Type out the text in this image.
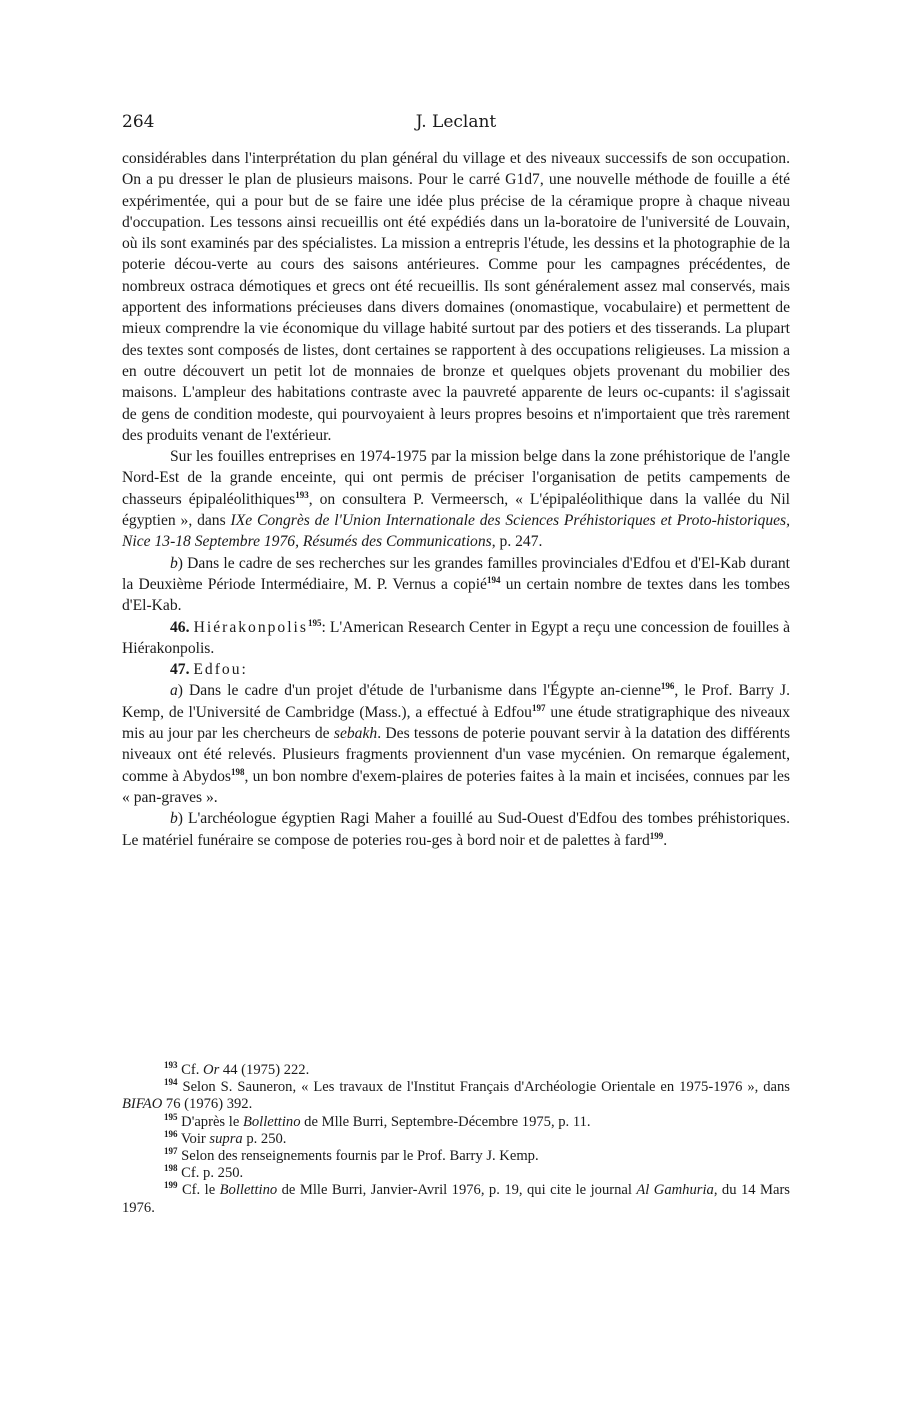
264	J. Leclant

considérables dans l'interprétation du plan général du village et des niveaux successifs de son occupation. On a pu dresser le plan de plusieurs maisons. Pour le carré G1d7, une nouvelle méthode de fouille a été expérimentée, qui a pour but de se faire une idée plus précise de la céramique propre à chaque niveau d'occupation. Les tessons ainsi recueillis ont été expédiés dans un la-boratoire de l'université de Louvain, où ils sont examinés par des spécialistes. La mission a entrepris l'étude, les dessins et la photographie de la poterie décou-verte au cours des saisons antérieures. Comme pour les campagnes précédentes, de nombreux ostraca démotiques et grecs ont été recueillis. Ils sont généralement assez mal conservés, mais apportent des informations précieuses dans divers domaines (onomastique, vocabulaire) et permettent de mieux comprendre la vie économique du village habité surtout par des potiers et des tisserands. La plupart des textes sont composés de listes, dont certaines se rapportent à des occupations religieuses. La mission a en outre découvert un petit lot de monnaies de bronze et quelques objets provenant du mobilier des maisons. L'ampleur des habitations contraste avec la pauvreté apparente de leurs oc-cupants: il s'agissait de gens de condition modeste, qui pourvoyaient à leurs propres besoins et n'importaient que très rarement des produits venant de l'extérieur.

Sur les fouilles entreprises en 1974-1975 par la mission belge dans la zone préhistorique de l'angle Nord-Est de la grande enceinte, qui ont permis de préciser l'organisation de petits campements de chasseurs épipaléolithiques$^{193}$, on consultera P. Vermeersch, « L'épipaléolithique dans la vallée du Nil égyptien », dans IXe Congrès de l'Union Internationale des Sciences Préhistoriques et Proto-historiques, Nice 13-18 Septembre 1976, Résumés des Communications, p. 247.

b) Dans le cadre de ses recherches sur les grandes familles provinciales d'Edfou et d'El-Kab durant la Deuxième Période Intermédiaire, M. P. Vernus a copié$^{194}$ un certain nombre de textes dans les tombes d'El-Kab.

46. Hiérakonpolis$^{195}$: L'American Research Center in Egypt a reçu une concession de fouilles à Hiérakonpolis.

47. Edfou:

a) Dans le cadre d'un projet d'étude de l'urbanisme dans l'Égypte an-cienne$^{196}$, le Prof. Barry J. Kemp, de l'Université de Cambridge (Mass.), a effectué à Edfou$^{197}$ une étude stratigraphique des niveaux mis au jour par les chercheurs de sebakh. Des tessons de poterie pouvant servir à la datation des différents niveaux ont été relevés. Plusieurs fragments proviennent d'un vase mycénien. On remarque également, comme à Abydos$^{198}$, un bon nombre d'exem-plaires de poteries faites à la main et incisées, connues par les « pan-graves ».

b) L'archéologue égyptien Ragi Maher a fouillé au Sud-Ouest d'Edfou des tombes préhistoriques. Le matériel funéraire se compose de poteries rou-ges à bord noir et de palettes à fard$^{199}$.

$^{193}$ Cf. Or 44 (1975) 222.

$^{194}$ Selon S. Sauneron, « Les travaux de l'Institut Français d'Archéologie Orientale en 1975-1976 », dans BIFAO 76 (1976) 392.

$^{195}$ D'après le Bollettino de Mlle Burri, Septembre-Décembre 1975, p. 11.

$^{196}$ Voir supra p. 250.

$^{197}$ Selon des renseignements fournis par le Prof. Barry J. Kemp.

$^{198}$ Cf. p. 250.

$^{199}$ Cf. le Bollettino de Mlle Burri, Janvier-Avril 1976, p. 19, qui cite le journal Al Gamhuria, du 14 Mars 1976.
